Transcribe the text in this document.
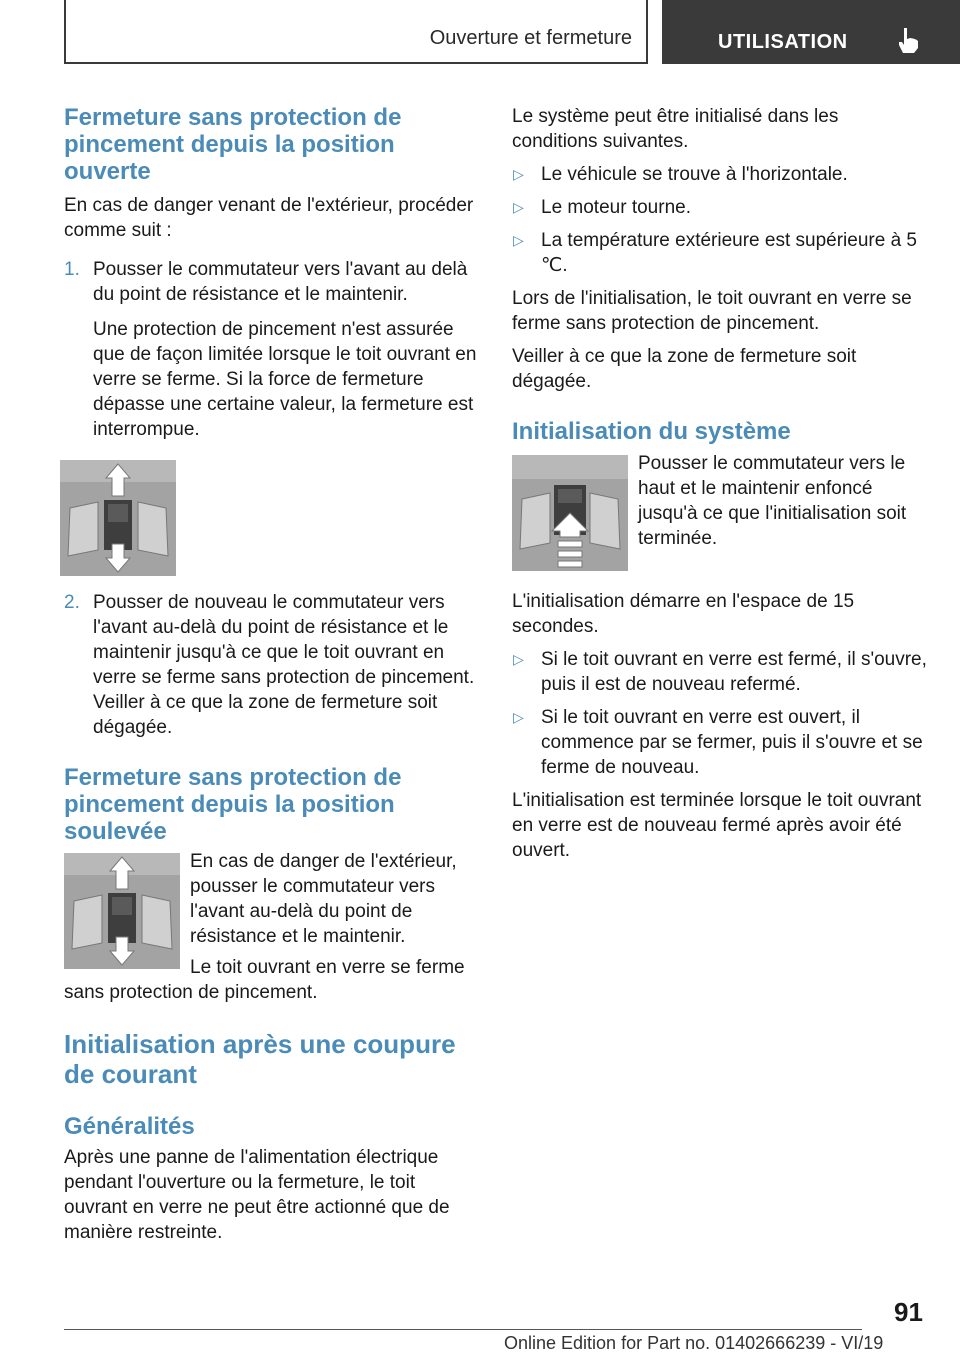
Ouverture et fermeture	UTILISATION
Fermeture sans protection de pincement depuis la position ouverte

En cas de danger venant de l'extérieur, procéder comme suit :

1. Pousser le commutateur vers l'avant au delà du point de résistance et le maintenir.
Une protection de pincement n'est assurée que de façon limitée lorsque le toit ouvrant en verre se ferme. Si la force de fermeture dépasse une certaine valeur, la fermeture est interrompue.
2. Pousser de nouveau le commutateur vers l'avant au-delà du point de résistance et le maintenir jusqu'à ce que le toit ouvrant en verre se ferme sans protection de pincement. Veiller à ce que la zone de fermeture soit dégagée.
Fermeture sans protection de pincement depuis la position soulevée

En cas de danger de l'extérieur, pousser le commutateur vers l'avant au-delà du point de résistance et le maintenir.

Le toit ouvrant en verre se ferme sans protection de pincement.

Initialisation après une coupure de courant
Généralités

Après une panne de l'alimentation électrique pendant l'ouverture ou la fermeture, le toit ouvrant en verre ne peut être actionné que de manière restreinte.

Le système peut être initialisé dans les conditions suivantes.

▷ Le véhicule se trouve à l'horizontale.
▷ Le moteur tourne.
▷ La température extérieure est supérieure à 5 ℃.

Lors de l'initialisation, le toit ouvrant en verre se ferme sans protection de pincement.

Veiller à ce que la zone de fermeture soit dégagée.

Initialisation du système

Pousser le commutateur vers le haut et le maintenir enfoncé jusqu'à ce que l'initialisation soit terminée.

L'initialisation démarre en l'espace de 15 secondes.

▷ Si le toit ouvrant en verre est fermé, il s'ouvre, puis il est de nouveau refermé.
▷ Si le toit ouvrant en verre est ouvert, il commence par se fermer, puis il s'ouvre et se ferme de nouveau.

L'initialisation est terminée lorsque le toit ouvrant en verre est de nouveau fermé après avoir été ouvert.

91
Online Edition for Part no. 01402666239 - VI/19
